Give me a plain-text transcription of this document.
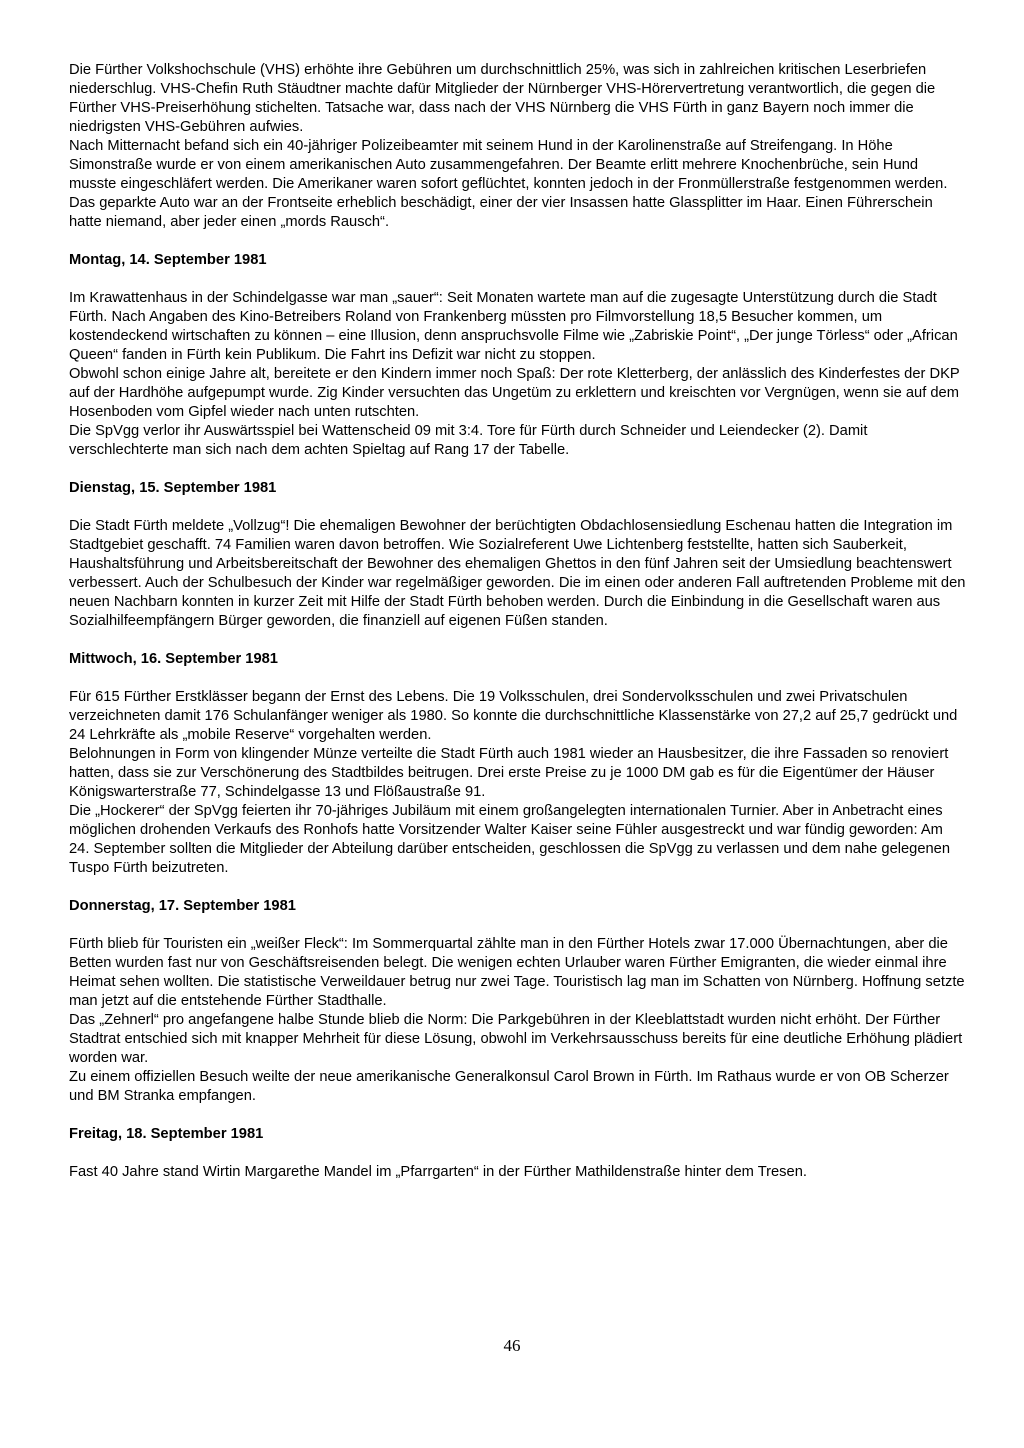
Die Fürther Volkshochschule (VHS) erhöhte ihre Gebühren um durchschnittlich 25%, was sich in zahlreichen kritischen Leserbriefen niederschlug. VHS-Chefin Ruth Stäudtner machte dafür Mitglieder der Nürnberger VHS-Hörervertretung verantwortlich, die gegen die Fürther VHS-Preiserhöhung stichelten. Tatsache war, dass nach der VHS Nürnberg die VHS Fürth in ganz Bayern noch immer die niedrigsten VHS-Gebühren aufwies.

Nach Mitternacht befand sich ein 40-jähriger Polizeibeamter mit seinem Hund in der Karolinenstraße auf Streifengang. In Höhe Simonstraße wurde er von einem amerikanischen Auto zusammengefahren. Der Beamte erlitt mehrere Knochenbrüche, sein Hund musste eingeschläfert werden. Die Amerikaner waren sofort geflüchtet, konnten jedoch in der Fronmüllerstraße festgenommen werden. Das geparkte Auto war an der Frontseite erheblich beschädigt, einer der vier Insassen hatte Glassplitter im Haar. Einen Führerschein hatte niemand, aber jeder einen „mords Rausch“.

Montag, 14. September 1981

Im Krawattenhaus in der Schindelgasse war man „sauer“: Seit Monaten wartete man auf die zugesagte Unterstützung durch die Stadt Fürth. Nach Angaben des Kino-Betreibers Roland von Frankenberg müssten pro Filmvorstellung 18,5 Besucher kommen, um kostendeckend wirtschaften zu können – eine Illusion, denn anspruchsvolle Filme wie „Zabriskie Point“, „Der junge Törless“ oder „African Queen“ fanden in Fürth kein Publikum. Die Fahrt ins Defizit war nicht zu stoppen.

Obwohl schon einige Jahre alt, bereitete er den Kindern immer noch Spaß: Der rote Kletterberg, der anlässlich des Kinderfestes der DKP auf der Hardhöhe aufgepumpt wurde. Zig Kinder versuchten das Ungetüm zu erklettern und kreischten vor Vergnügen, wenn sie auf dem Hosenboden vom Gipfel wieder nach unten rutschten.

Die SpVgg verlor ihr Auswärtsspiel bei Wattenscheid 09 mit 3:4. Tore für Fürth durch Schneider und Leiendecker (2). Damit verschlechterte man sich nach dem achten Spieltag auf Rang 17 der Tabelle.

Dienstag, 15. September 1981

Die Stadt Fürth meldete „Vollzug“! Die ehemaligen Bewohner der berüchtigten Obdachlosensiedlung Eschenau hatten die Integration im Stadtgebiet geschafft. 74 Familien waren davon betroffen. Wie Sozialreferent Uwe Lichtenberg feststellte, hatten sich Sauberkeit, Haushaltsführung und Arbeitsbereitschaft der Bewohner des ehemaligen Ghettos in den fünf Jahren seit der Umsiedlung beachtenswert verbessert. Auch der Schulbesuch der Kinder war regelmäßiger geworden. Die im einen oder anderen Fall auftretenden Probleme mit den neuen Nachbarn konnten in kurzer Zeit mit Hilfe der Stadt Fürth behoben werden. Durch die Einbindung in die Gesellschaft waren aus Sozialhilfeempfängern Bürger geworden, die finanziell auf eigenen Füßen standen.

Mittwoch, 16. September 1981

Für 615 Fürther Erstklässer begann der Ernst des Lebens. Die 19 Volksschulen, drei Sondervolksschulen und zwei Privatschulen verzeichneten damit 176 Schulanfänger weniger als 1980. So konnte die durchschnittliche Klassenstärke von 27,2 auf 25,7 gedrückt und 24 Lehrkräfte als „mobile Reserve“ vorgehalten werden.

Belohnungen in Form von klingender Münze verteilte die Stadt Fürth auch 1981 wieder an Hausbesitzer, die ihre Fassaden so renoviert hatten, dass sie zur Verschönerung des Stadtbildes beitrugen. Drei erste Preise zu je 1000 DM gab es für die Eigentümer der Häuser Königswarterstraße 77, Schindelgasse 13 und Flößaustraße 91.

Die „Hockerer“ der SpVgg feierten ihr 70-jähriges Jubiläum mit einem großangelegten internationalen Turnier. Aber in Anbetracht eines möglichen drohenden Verkaufs des Ronhofs hatte Vorsitzender Walter Kaiser seine Fühler ausgestreckt und war fündig geworden: Am 24. September sollten die Mitglieder der Abteilung darüber entscheiden, geschlossen die SpVgg zu verlassen und dem nahe gelegenen Tuspo Fürth beizutreten.

Donnerstag, 17. September 1981

Fürth blieb für Touristen ein „weißer Fleck“: Im Sommerquartal zählte man in den Fürther Hotels zwar 17.000 Übernachtungen, aber die Betten wurden fast nur von Geschäftsreisenden belegt. Die wenigen echten Urlauber waren Fürther Emigranten, die wieder einmal ihre Heimat sehen wollten. Die statistische Verweildauer betrug nur zwei Tage. Touristisch lag man im Schatten von Nürnberg. Hoffnung setzte man jetzt auf die entstehende Fürther Stadthalle.

Das „Zehnerl“ pro angefangene halbe Stunde blieb die Norm: Die Parkgebühren in der Kleeblattstadt wurden nicht erhöht. Der Fürther Stadtrat entschied sich mit knapper Mehrheit für diese Lösung, obwohl im Verkehrsausschuss bereits für eine deutliche Erhöhung plädiert worden war.

Zu einem offiziellen Besuch weilte der neue amerikanische Generalkonsul Carol Brown in Fürth. Im Rathaus wurde er von OB Scherzer und BM Stranka empfangen.

Freitag, 18. September 1981

Fast 40 Jahre stand Wirtin Margarethe Mandel im „Pfarrgarten“ in der Fürther Mathildenstraße hinter dem Tresen.

46
